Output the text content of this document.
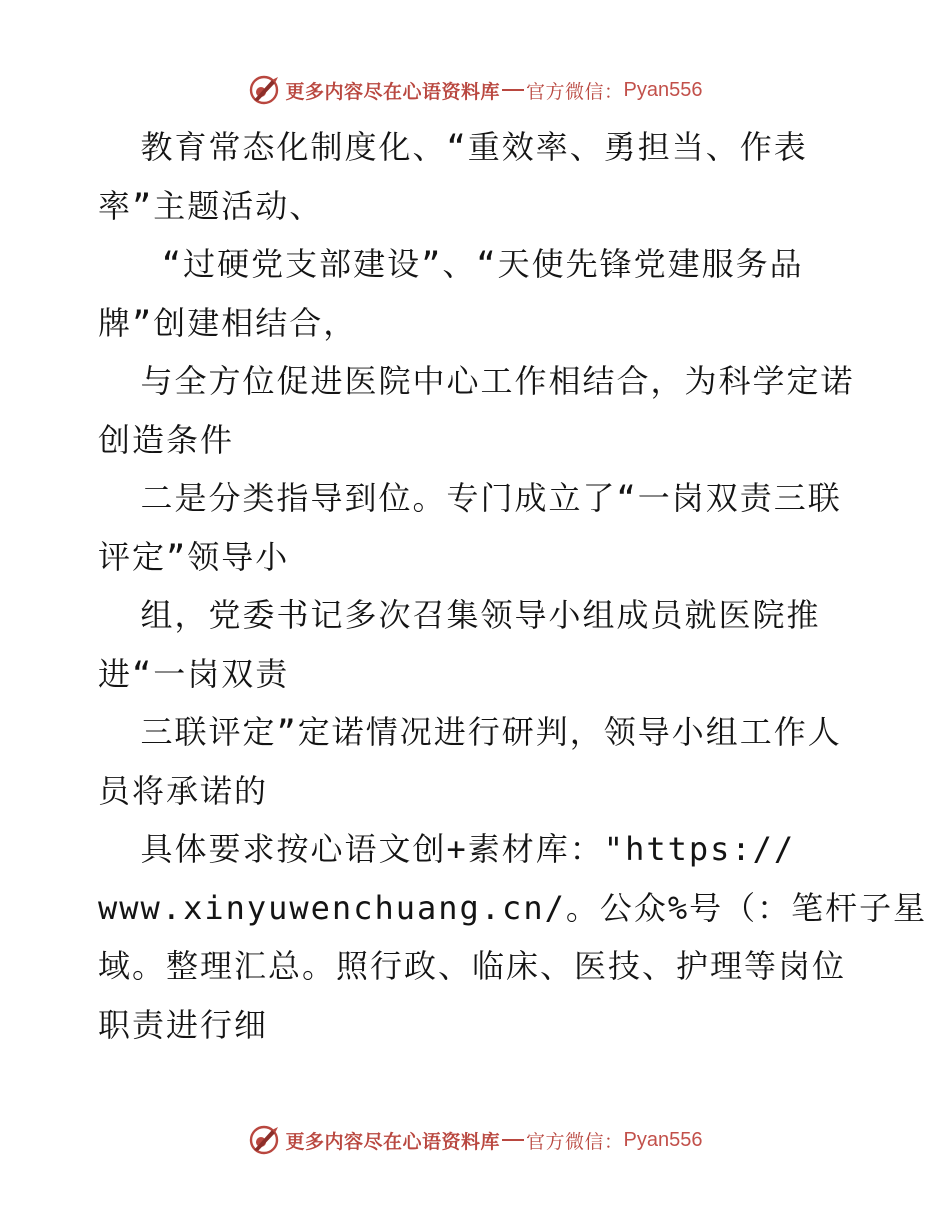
更多内容尽在心语资料库 官方微信： Pyan556
教育常态化制度化、“重效率、勇担当、作表
率”主题活动、
“过硬党支部建设”、“天使先锋党建服务品
牌”创建相结合，
与全方位促进医院中心工作相结合，为科学定诺
创造条件
二是分类指导到位。专门成立了“一岗双责三联
评定”领导小
组，党委书记多次召集领导小组成员就医院推
进“一岗双责
三联评定”定诺情况进行研判，领导小组工作人
员将承诺的
具体要求按心语文创+素材库："https://
www.xinyuwenchuang.cn/。公众%号（：笔杆子星
域。整理汇总。照行政、临床、医技、护理等岗位
职责进行细
更多内容尽在心语资料库 官方微信： Pyan556
